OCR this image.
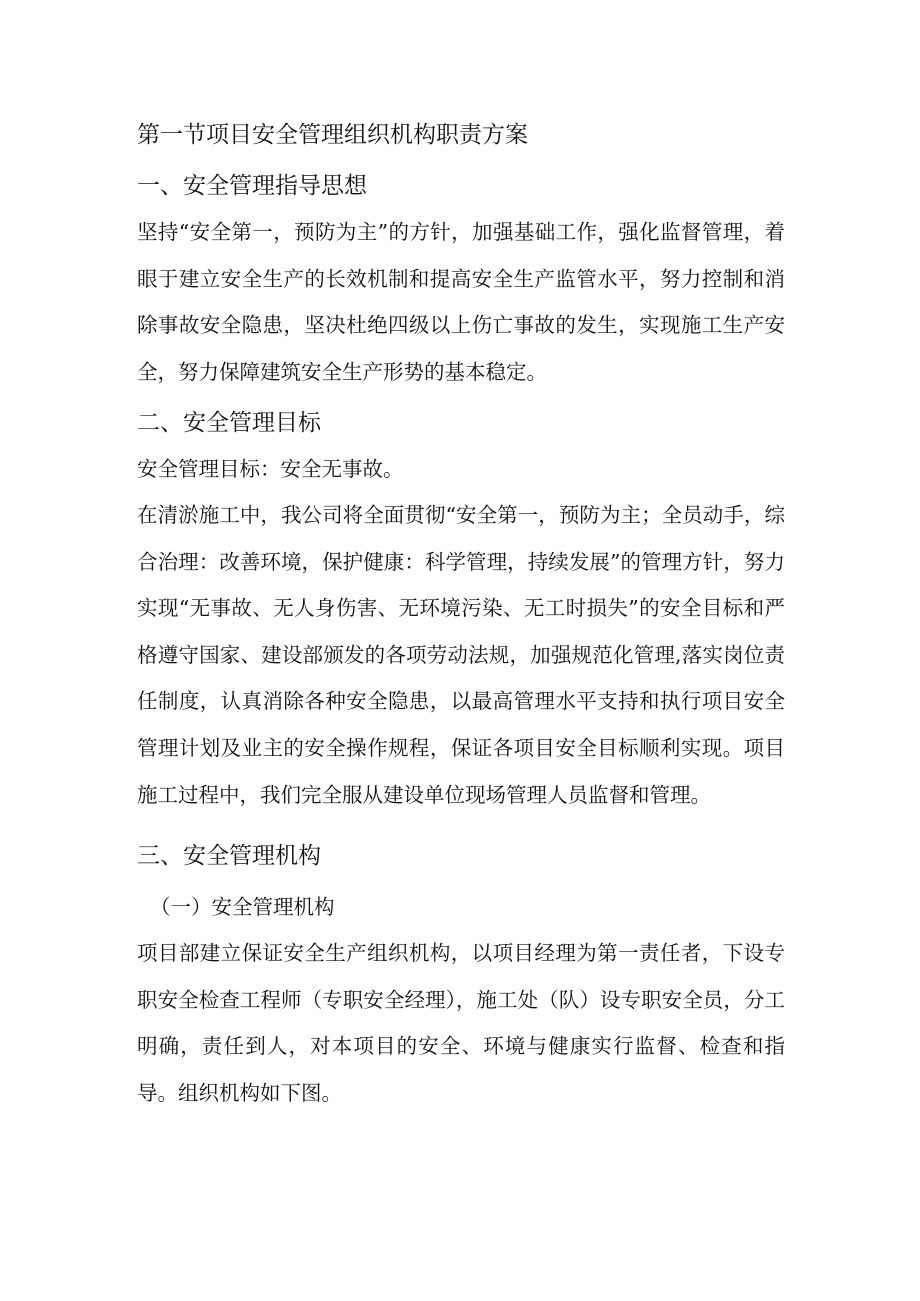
第一节项目安全管理组织机构职责方案
一、安全管理指导思想

坚持“安全第一，预防为主”的方针，加强基础工作，强化监督管理，着眼于建立安全生产的长效机制和提高安全生产监管水平，努力控制和消除事故安全隐患，坚决杜绝四级以上伤亡事故的发生，实现施工生产安全，努力保障建筑安全生产形势的基本稳定。

二、安全管理目标

安全管理目标：安全无事故。

在清淤施工中，我公司将全面贯彻“安全第一，预防为主；全员动手，综合治理：改善环境，保护健康：科学管理，持续发展”的管理方针，努力实现“无事故、无人身伤害、无环境污染、无工时损失”的安全目标和严格遵守国家、建设部颁发的各项劳动法规，加强规范化管理,落实岗位责任制度，认真消除各种安全隐患，以最高管理水平支持和执行项目安全管理计划及业主的安全操作规程，保证各项目安全目标顺利实现。项目施工过程中，我们完全服从建设单位现场管理人员监督和管理。

三、安全管理机构

（一）安全管理机构

项目部建立保证安全生产组织机构，以项目经理为第一责任者，下设专职安全检查工程师（专职安全经理），施工处（队）设专职安全员，分工明确，责任到人，对本项目的安全、环境与健康实行监督、检查和指导。组织机构如下图。
